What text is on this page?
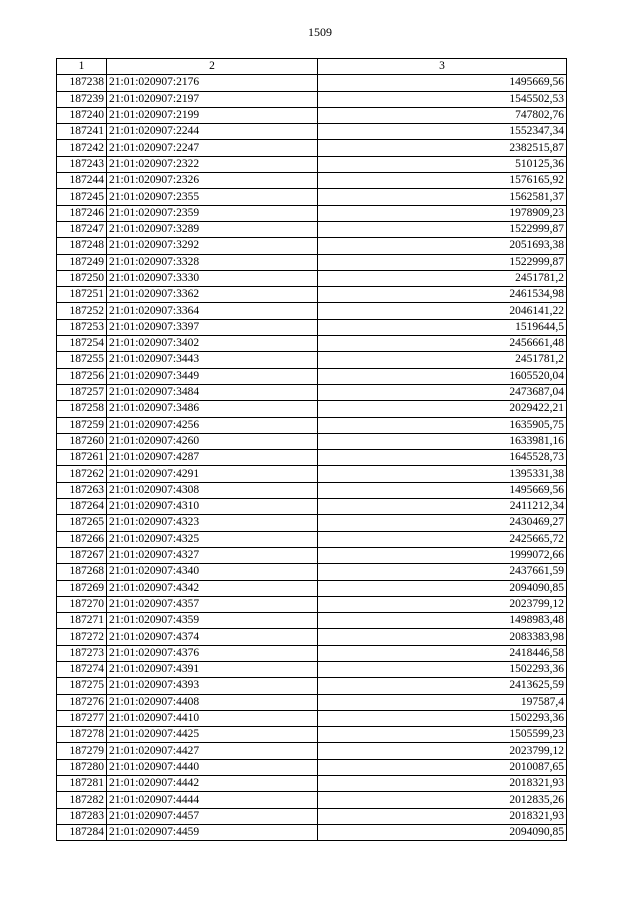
1509
1	2	3
187238	21:01:020907:2176	1495669,56
187239	21:01:020907:2197	1545502,53
187240	21:01:020907:2199	747802,76
187241	21:01:020907:2244	1552347,34
187242	21:01:020907:2247	2382515,87
187243	21:01:020907:2322	510125,36
187244	21:01:020907:2326	1576165,92
187245	21:01:020907:2355	1562581,37
187246	21:01:020907:2359	1978909,23
187247	21:01:020907:3289	1522999,87
187248	21:01:020907:3292	2051693,38
187249	21:01:020907:3328	1522999,87
187250	21:01:020907:3330	2451781,2
187251	21:01:020907:3362	2461534,98
187252	21:01:020907:3364	2046141,22
187253	21:01:020907:3397	1519644,5
187254	21:01:020907:3402	2456661,48
187255	21:01:020907:3443	2451781,2
187256	21:01:020907:3449	1605520,04
187257	21:01:020907:3484	2473687,04
187258	21:01:020907:3486	2029422,21
187259	21:01:020907:4256	1635905,75
187260	21:01:020907:4260	1633981,16
187261	21:01:020907:4287	1645528,73
187262	21:01:020907:4291	1395331,38
187263	21:01:020907:4308	1495669,56
187264	21:01:020907:4310	2411212,34
187265	21:01:020907:4323	2430469,27
187266	21:01:020907:4325	2425665,72
187267	21:01:020907:4327	1999072,66
187268	21:01:020907:4340	2437661,59
187269	21:01:020907:4342	2094090,85
187270	21:01:020907:4357	2023799,12
187271	21:01:020907:4359	1498983,48
187272	21:01:020907:4374	2083383,98
187273	21:01:020907:4376	2418446,58
187274	21:01:020907:4391	1502293,36
187275	21:01:020907:4393	2413625,59
187276	21:01:020907:4408	197587,4
187277	21:01:020907:4410	1502293,36
187278	21:01:020907:4425	1505599,23
187279	21:01:020907:4427	2023799,12
187280	21:01:020907:4440	2010087,65
187281	21:01:020907:4442	2018321,93
187282	21:01:020907:4444	2012835,26
187283	21:01:020907:4457	2018321,93
187284	21:01:020907:4459	2094090,85
